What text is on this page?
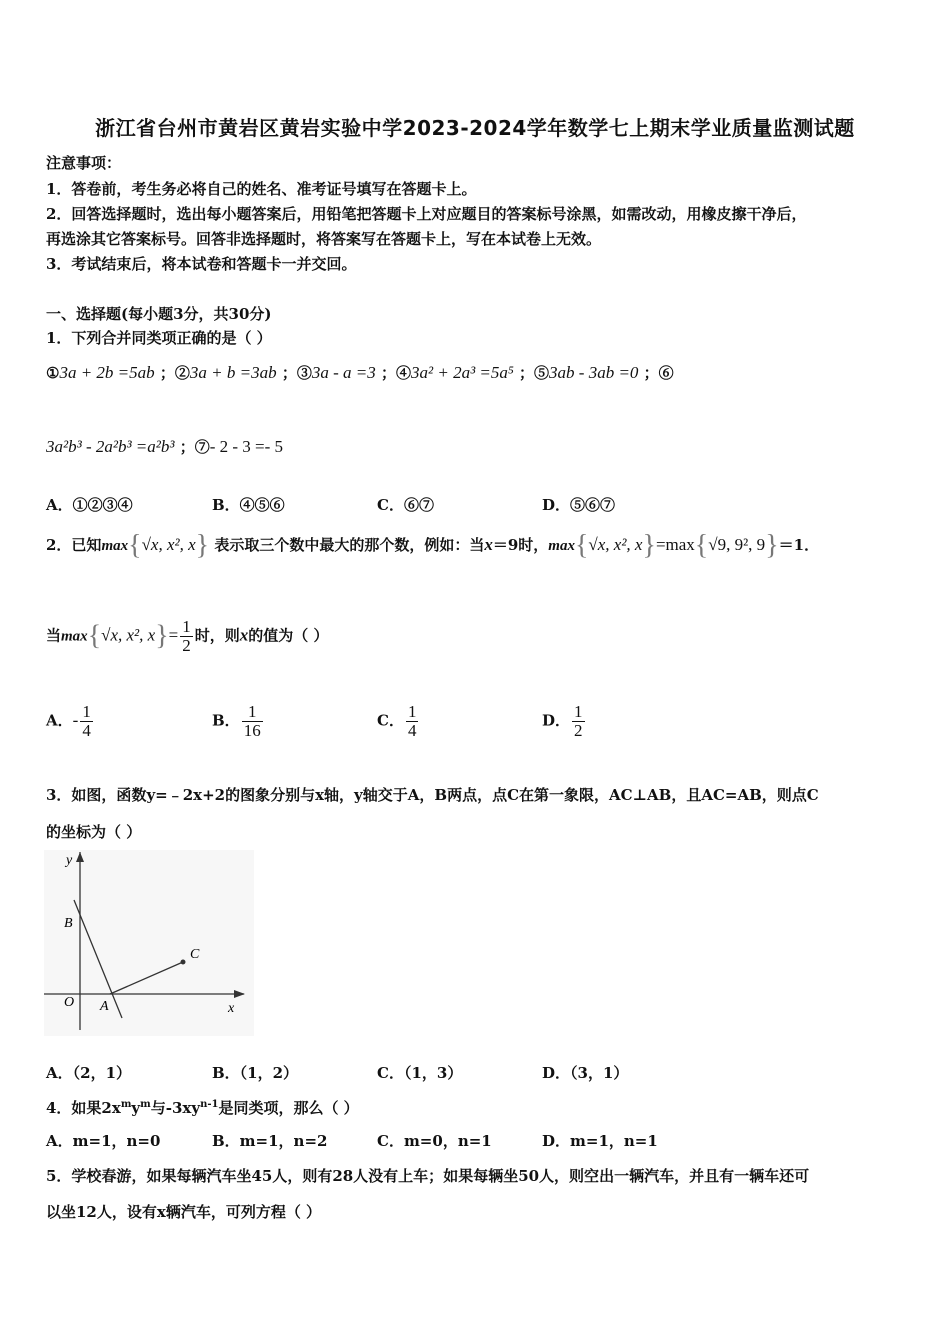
浙江省台州市黄岩区黄岩实验中学2023-2024学年数学七上期末学业质量监测试题
注意事项：
1．答卷前，考生务必将自己的姓名、准考证号填写在答题卡上。
2．回答选择题时，选出每小题答案后，用铅笔把答题卡上对应题目的答案标号涂黑，如需改动，用橡皮擦干净后，
再选涂其它答案标号。回答非选择题时，将答案写在答题卡上，写在本试卷上无效。
3．考试结束后，将本试卷和答题卡一并交回。
一、选择题(每小题3分，共30分)
1．下列合并同类项正确的是（ ）
①3a + 2b =5ab ；②3a + b =3ab ；③3a - a =3 ；④3a² + 2a³ =5a⁵ ；⑤3ab - 3ab =0 ；⑥
3a²b³ - 2a²b³ =a²b³ ；⑦- 2 - 3 =- 5
A．①②③④	B．④⑤⑥	C．⑥⑦	D．⑤⑥⑦
2．已知max{√x, x², x} 表示取三个数中最大的那个数，例如：当x＝9时，max{√x, x², x}=max{√9, 9², 9}＝1．
当max{√x, x², $x\}= \frac{1}{2}$ 时，则x的值为（ ）
A．- $\frac{1}{4}$	B． $\frac{1}{16}$	C． $\frac{1}{4}$	D． $\frac{1}{2}$
3．如图，函数y=﹣2x+2的图象分别与x轴，y轴交于A，B两点，点C在第一象限，AC⊥AB，且AC=AB，则点C
的坐标为（ ）
y
x
O A
B
C
A．（2，1）	B．（1，2）	C．（1，3）	D．（3，1）
4．如果$2x^my^m$与$-3xy^{n-1}$是同类项，那么（ ）
A．m=1，n=0	B．m=1，n=2	C．m=0，n=1	D．m=1，n=1
5．学校春游，如果每辆汽车坐45人，则有28人没有上车；如果每辆坐50人，则空出一辆汽车，并且有一辆车还可
以坐12人，设有x辆汽车，可列方程（ ）
